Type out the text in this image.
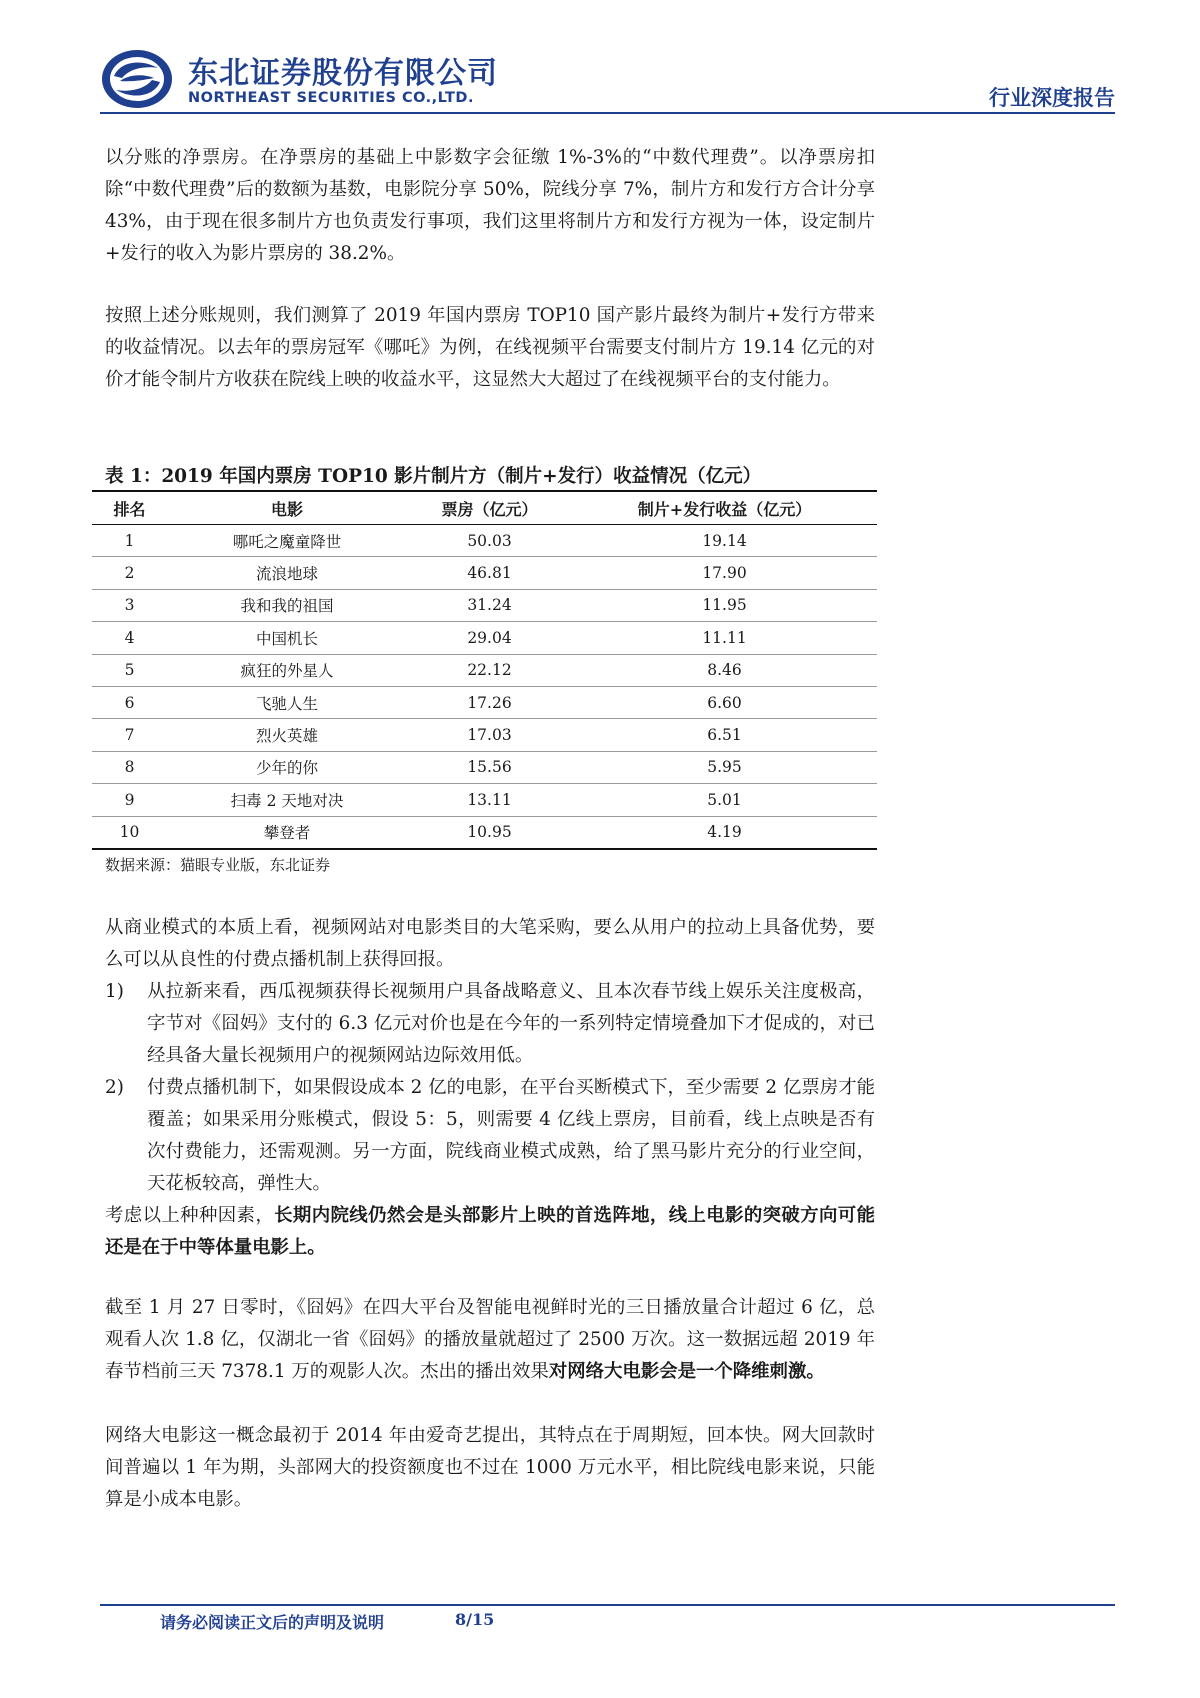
东北证券股份有限公司
NORTHEAST SECURITIES CO.,LTD.	行业深度报告

以分账的净票房。在净票房的基础上中影数字会征缴 1%-3%的“中数代理费”。以净票房扣除“中数代理费”后的数额为基数，电影院分享 50%，院线分享 7%，制片方和发行方合计分享 43%，由于现在很多制片方也负责发行事项，我们这里将制片方和发行方视为一体，设定制片+发行的收入为影片票房的 38.2%。

按照上述分账规则，我们测算了 2019 年国内票房 TOP10 国产影片最终为制片+发行方带来的收益情况。以去年的票房冠军《哪吒》为例，在线视频平台需要支付制片方 19.14 亿元的对价才能令制片方收获在院线上映的收益水平，这显然大大超过了在线视频平台的支付能力。

表 1：2019 年国内票房 TOP10 影片制片方（制片+发行）收益情况（亿元）
排名	电影	票房（亿元）	制片+发行收益（亿元）
1	哪吒之魔童降世	50.03	19.14
2	流浪地球	46.81	17.90
3	我和我的祖国	31.24	11.95
4	中国机长	29.04	11.11
5	疯狂的外星人	22.12	8.46
6	飞驰人生	17.26	6.60
7	烈火英雄	17.03	6.51
8	少年的你	15.56	5.95
9	扫毒 2 天地对决	13.11	5.01
10	攀登者	10.95	4.19
数据来源：猫眼专业版，东北证券

从商业模式的本质上看，视频网站对电影类目的大笔采购，要么从用户的拉动上具备优势，要么可以从良性的付费点播机制上获得回报。

1)	从拉新来看，西瓜视频获得长视频用户具备战略意义、且本次春节线上娱乐关注度极高，字节对《囧妈》支付的 6.3 亿元对价也是在今年的一系列特定情境叠加下才促成的，对已经具备大量长视频用户的视频网站边际效用低。
2)	付费点播机制下，如果假设成本 2 亿的电影，在平台买断模式下，至少需要 2 亿票房才能覆盖；如果采用分账模式，假设 5：5，则需要 4 亿线上票房，目前看，线上点映是否有次付费能力，还需观测。另一方面，院线商业模式成熟，给了黑马影片充分的行业空间，天花板较高，弹性大。

考虑以上种种因素，长期内院线仍然会是头部影片上映的首选阵地，线上电影的突破方向可能还是在于中等体量电影上。

截至 1 月 27 日零时，《囧妈》在四大平台及智能电视鲜时光的三日播放量合计超过 6 亿，总观看人次 1.8 亿，仅湖北一省《囧妈》的播放量就超过了 2500 万次。这一数据远超 2019 年春节档前三天 7378.1 万的观影人次。杰出的播出效果对网络大电影会是一个降维刺激。

网络大电影这一概念最初于 2014 年由爱奇艺提出，其特点在于周期短，回本快。网大回款时间普遍以 1 年为期，头部网大的投资额度也不过在 1000 万元水平，相比院线电影来说，只能算是小成本电影。

请务必阅读正文后的声明及说明	8/15
